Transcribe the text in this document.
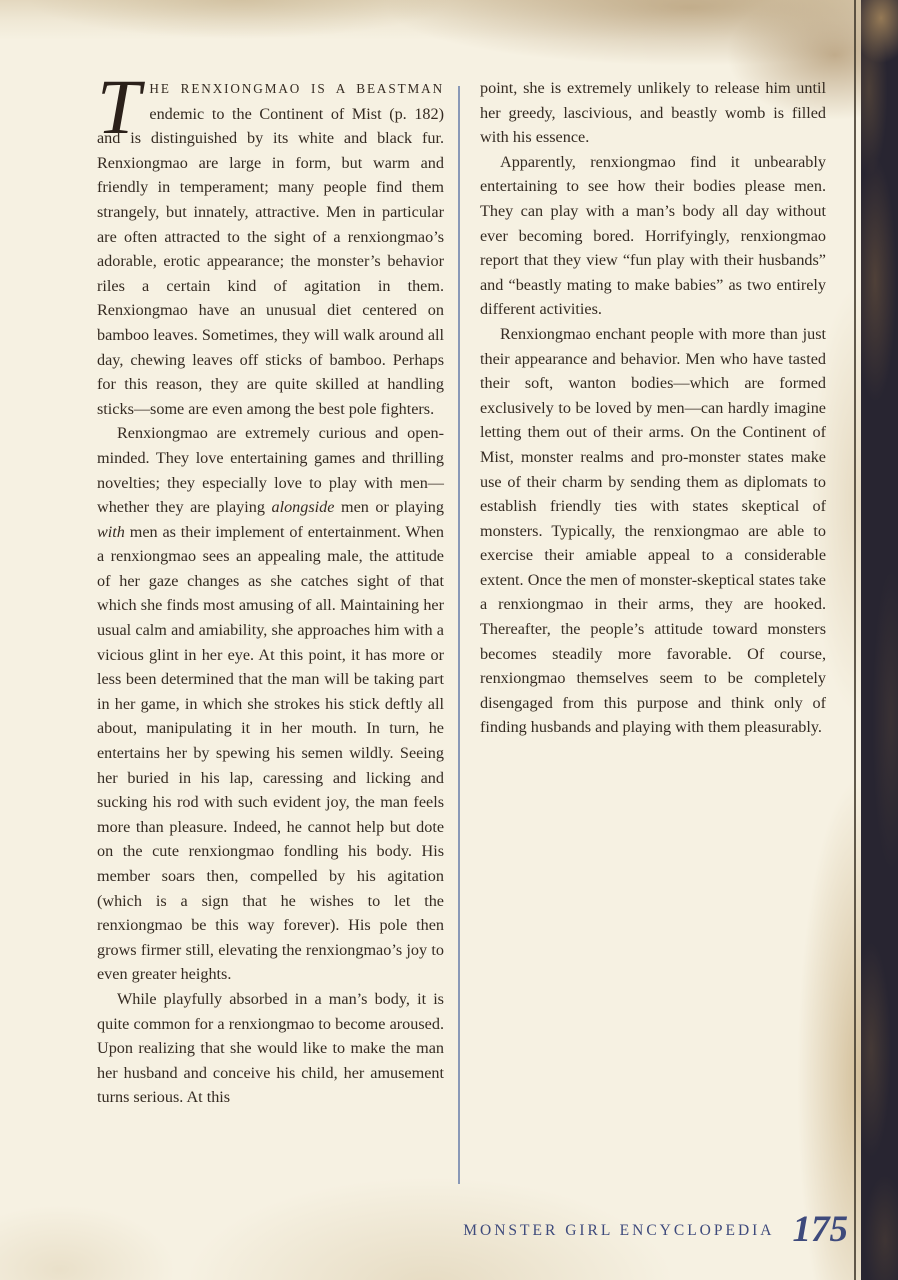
THE RENXIONGMAO IS A BEASTMAN endemic to the Continent of Mist (p. 182) and is distinguished by its white and black fur. Renxiongmao are large in form, but warm and friendly in temperament; many people find them strangely, but innately, attractive. Men in particular are often attracted to the sight of a renxiongmao’s adorable, erotic appearance; the monster’s behavior riles a certain kind of agitation in them. Renxiongmao have an unusual diet centered on bamboo leaves. Sometimes, they will walk around all day, chewing leaves off sticks of bamboo. Perhaps for this reason, they are quite skilled at handling sticks—some are even among the best pole fighters.

Renxiongmao are extremely curious and open-minded. They love entertaining games and thrilling novelties; they especially love to play with men—whether they are playing alongside men or playing with men as their implement of entertainment. When a renxiongmao sees an appealing male, the attitude of her gaze changes as she catches sight of that which she finds most amusing of all. Maintaining her usual calm and amiability, she approaches him with a vicious glint in her eye. At this point, it has more or less been determined that the man will be taking part in her game, in which she strokes his stick deftly all about, manipulating it in her mouth. In turn, he entertains her by spewing his semen wildly. Seeing her buried in his lap, caressing and licking and sucking his rod with such evident joy, the man feels more than pleasure. Indeed, he cannot help but dote on the cute renxiongmao fondling his body. His member soars then, compelled by his agitation (which is a sign that he wishes to let the renxiongmao be this way forever). His pole then grows firmer still, elevating the renxiongmao’s joy to even greater heights.

While playfully absorbed in a man’s body, it is quite common for a renxiongmao to become aroused. Upon realizing that she would like to make the man her husband and conceive his child, her amusement turns serious. At this

point, she is extremely unlikely to release him until her greedy, lascivious, and beastly womb is filled with his essence.

Apparently, renxiongmao find it unbearably entertaining to see how their bodies please men. They can play with a man’s body all day without ever becoming bored. Horrifyingly, renxiongmao report that they view “fun play with their husbands” and “beastly mating to make babies” as two entirely different activities.

Renxiongmao enchant people with more than just their appearance and behavior. Men who have tasted their soft, wanton bodies—which are formed exclusively to be loved by men—can hardly imagine letting them out of their arms. On the Continent of Mist, monster realms and pro-monster states make use of their charm by sending them as diplomats to establish friendly ties with states skeptical of monsters. Typically, the renxiongmao are able to exercise their amiable appeal to a considerable extent. Once the men of monster-skeptical states take a renxiongmao in their arms, they are hooked. Thereafter, the people’s attitude toward monsters becomes steadily more favorable. Of course, renxiongmao themselves seem to be completely disengaged from this purpose and think only of finding husbands and playing with them pleasurably.

MONSTER GIRL ENCYCLOPEDIA 175
